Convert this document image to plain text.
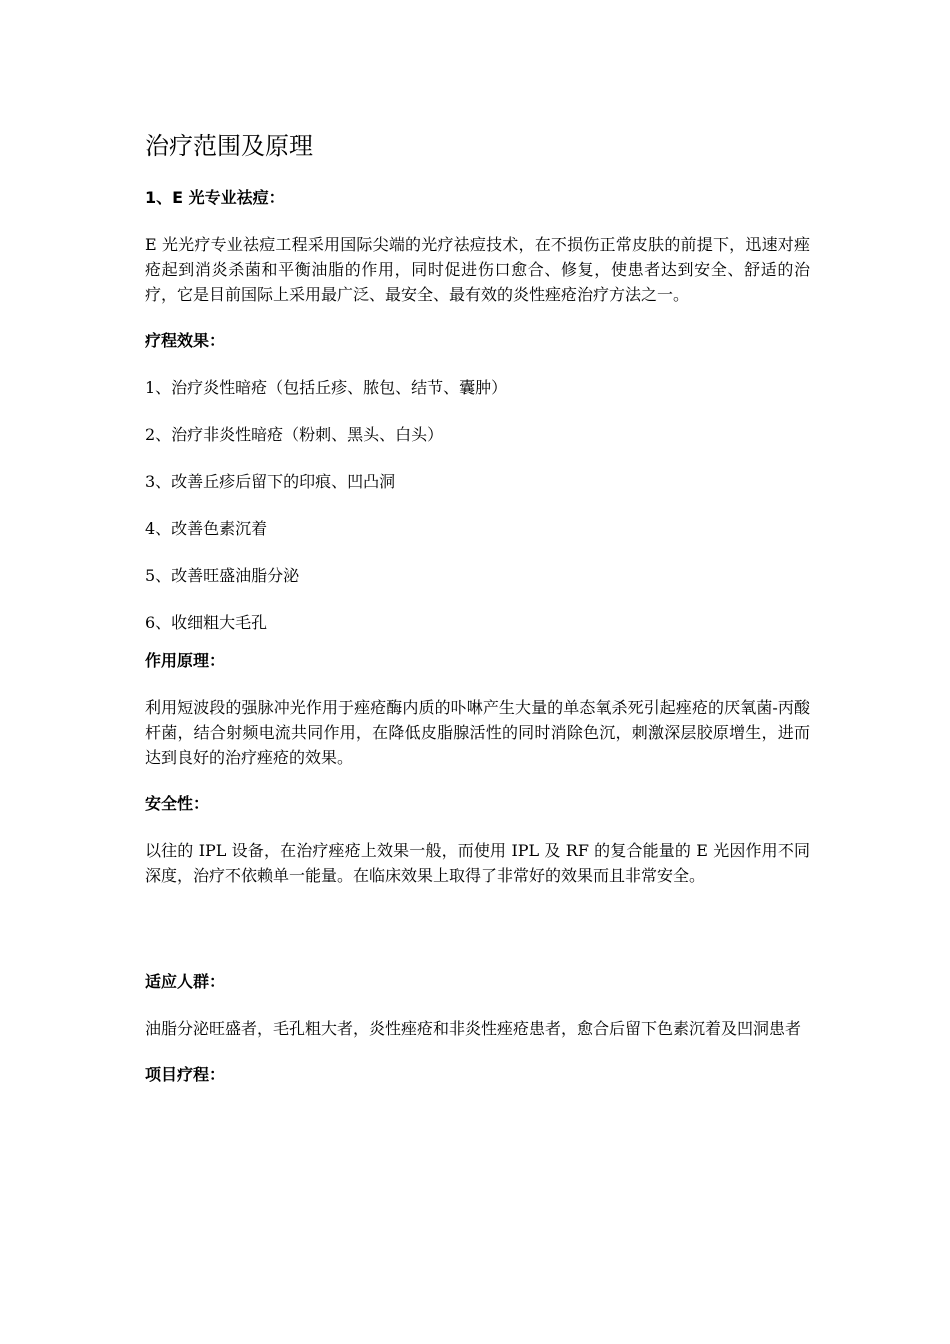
治疗范围及原理
1、E 光专业祛痘：

E 光光疗专业祛痘工程采用国际尖端的光疗祛痘技术，在不损伤正常皮肤的前提下，迅速对痤疮起到消炎杀菌和平衡油脂的作用，同时促进伤口愈合、修复，使患者达到安全、舒适的治疗，它是目前国际上采用最广泛、最安全、最有效的炎性痤疮治疗方法之一。

疗程效果：
1、治疗炎性暗疮（包括丘疹、脓包、结节、囊肿）
2、治疗非炎性暗疮（粉刺、黑头、白头）
3、改善丘疹后留下的印痕、凹凸洞
4、改善色素沉着
5、改善旺盛油脂分泌
6、收细粗大毛孔
作用原理：

利用短波段的强脉冲光作用于痤疮酶内质的卟啉产生大量的单态氧杀死引起痤疮的厌氧菌-丙酸杆菌，结合射频电流共同作用，在降低皮脂腺活性的同时消除色沉，刺激深层胶原增生，进而达到良好的治疗痤疮的效果。

安全性：

以往的 IPL 设备，在治疗痤疮上效果一般，而使用 IPL 及 RF 的复合能量的 E 光因作用不同深度，治疗不依赖单一能量。在临床效果上取得了非常好的效果而且非常安全。

适应人群：

油脂分泌旺盛者，毛孔粗大者，炎性痤疮和非炎性痤疮患者，愈合后留下色素沉着及凹洞患者

项目疗程：
